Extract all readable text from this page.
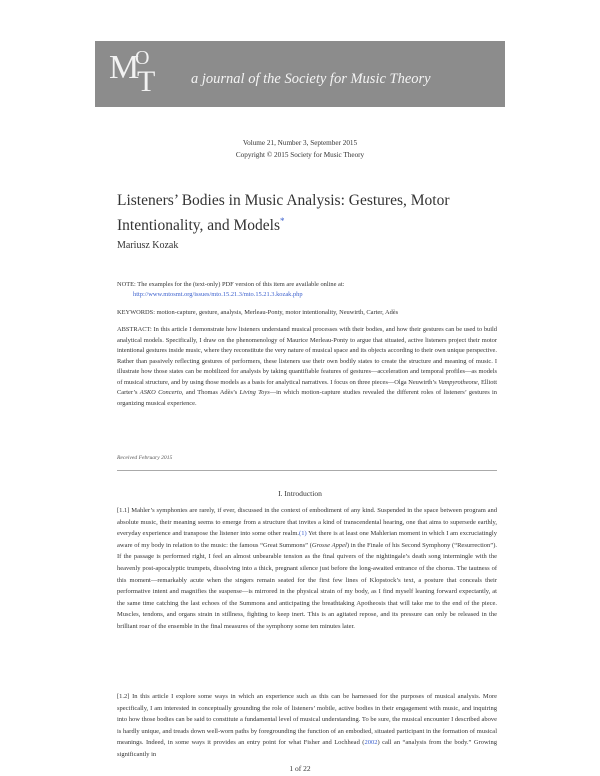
M
O
T a journal of the Society for Music Theory
Volume 21, Number 3, September 2015
Copyright © 2015 Society for Music Theory
Listeners’ Bodies in Music Analysis: Gestures, Motor Intentionality, and Models*
Mariusz Kozak
NOTE: The examples for the (text-only) PDF version of this item are available online at:
http://www.mtosmt.org/issues/mto.15.21.3/mto.15.21.3.kozak.php
KEYWORDS: motion-capture, gesture, analysis, Merleau-Ponty, motor intentionality, Neuwirth, Carter, Adès
ABSTRACT: In this article I demonstrate how listeners understand musical processes with their bodies, and how their gestures can be used to build analytical models. Specifically, I draw on the phenomenology of Maurice Merleau-Ponty to argue that situated, active listeners project their motor intentional gestures inside music, where they reconstitute the very nature of musical space and its objects according to their own unique perspective. Rather than passively reflecting gestures of performers, these listeners use their own bodily states to create the structure and meaning of music. I illustrate how those states can be mobilized for analysis by taking quantifiable features of gestures—acceleration and temporal profiles—as models of musical structure, and by using those models as a basis for analytical narratives. I focus on three pieces—Olga Neuwirth’s Vampyrotheone, Elliott Carter’s ASKO Concerto, and Thomas Adès’s Living Toys—in which motion-capture studies revealed the different roles of listeners’ gestures in organizing musical experience.
Received February 2015
I. Introduction
[1.1] Mahler’s symphonies are rarely, if ever, discussed in the context of embodiment of any kind. Suspended in the space between program and absolute music, their meaning seems to emerge from a structure that invites a kind of transcendental hearing, one that aims to supersede earthly, everyday experience and transpose the listener into some other realm.(1) Yet there is at least one Mahlerian moment in which I am excruciatingly aware of my body in relation to the music: the famous “Great Summons” (Grosse Appel) in the Finale of his Second Symphony (“Resurrection”). If the passage is performed right, I feel an almost unbearable tension as the final quivers of the nightingale’s death song intermingle with the heavenly post-apocalyptic trumpets, dissolving into a thick, pregnant silence just before the long-awaited entrance of the chorus. The tautness of this moment—remarkably acute when the singers remain seated for the first few lines of Klopstock’s text, a posture that conceals their performative intent and magnifies the suspense—is mirrored in the physical strain of my body, as I find myself leaning forward expectantly, at the same time catching the last echoes of the Summons and anticipating the breathtaking Apotheosis that will take me to the end of the piece. Muscles, tendons, and organs strain in stillness, fighting to keep inert. This is an agitated repose, and its pressure can only be released in the brilliant roar of the ensemble in the final measures of the symphony some ten minutes later.
[1.2] In this article I explore some ways in which an experience such as this can be harnessed for the purposes of musical analysis. More specifically, I am interested in conceptually grounding the role of listeners’ mobile, active bodies in their engagement with music, and inquiring into how those bodies can be said to constitute a fundamental level of musical understanding. To be sure, the musical encounter I described above is hardly unique, and treads down well-worn paths by foregrounding the function of an embodied, situated participant in the formation of musical meanings. Indeed, in some ways it provides an entry point for what Fisher and Lochhead (2002) call an “analysis from the body.” Growing significantly in
1 of 22
